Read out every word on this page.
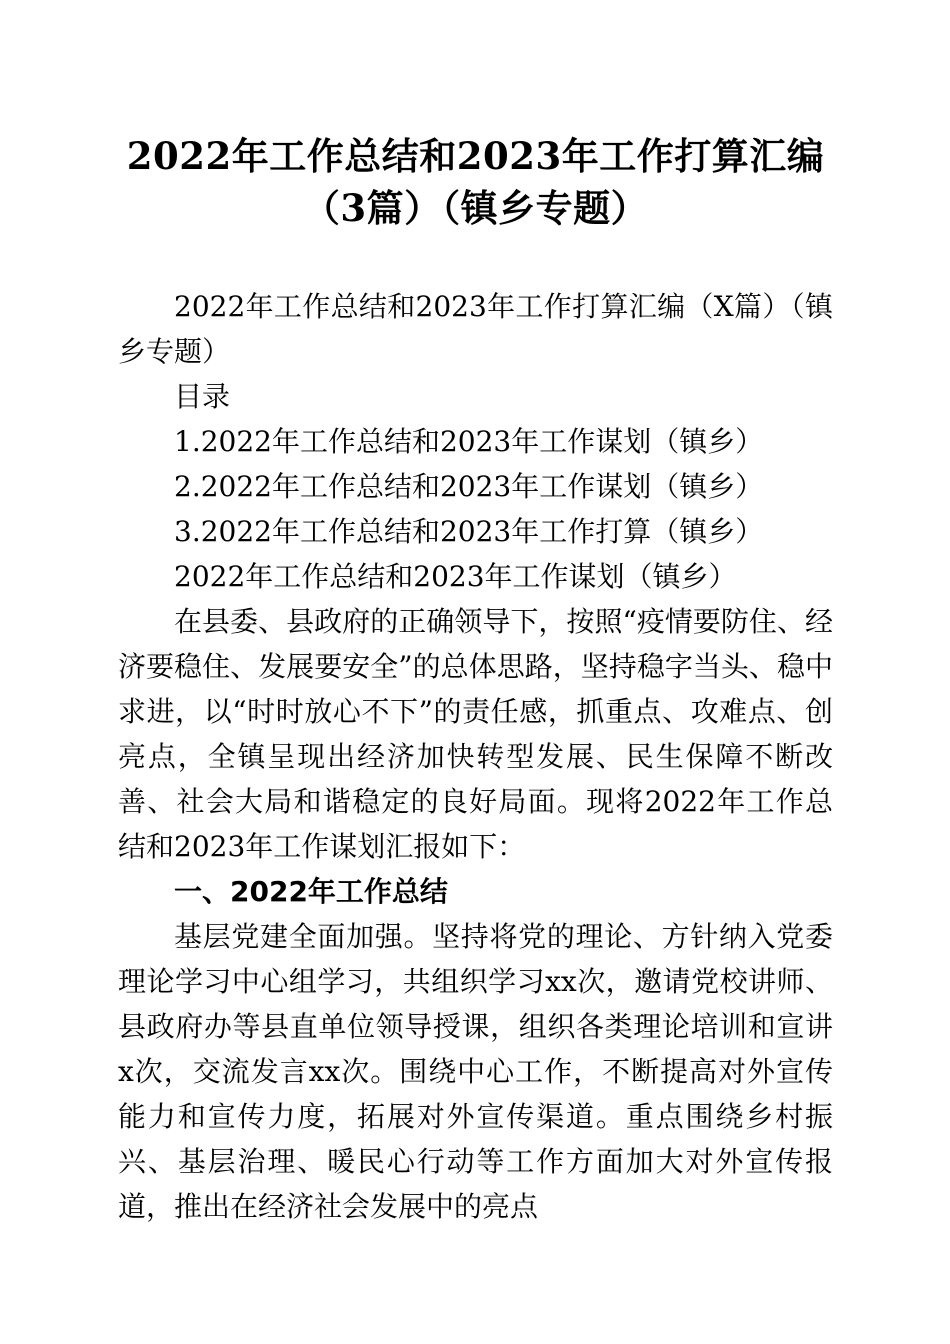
2022年工作总结和2023年工作打算汇编（3篇）（镇乡专题）

2022年工作总结和2023年工作打算汇编（X篇）（镇乡专题）

目录

1.2022年工作总结和2023年工作谋划（镇乡）

2.2022年工作总结和2023年工作谋划（镇乡）

3.2022年工作总结和2023年工作打算（镇乡）

2022年工作总结和2023年工作谋划（镇乡）

在县委、县政府的正确领导下，按照“疫情要防住、经济要稳住、发展要安全”的总体思路，坚持稳字当头、稳中求进，以“时时放心不下”的责任感，抓重点、攻难点、创亮点，全镇呈现出经济加快转型发展、民生保障不断改善、社会大局和谐稳定的良好局面。现将2022年工作总结和2023年工作谋划汇报如下：

一、2022年工作总结

基层党建全面加强。坚持将党的理论、方针纳入党委理论学习中心组学习，共组织学习xx次，邀请党校讲师、县政府办等县直单位领导授课，组织各类理论培训和宣讲x次，交流发言xx次。围绕中心工作，不断提高对外宣传能力和宣传力度，拓展对外宣传渠道。重点围绕乡村振兴、基层治理、暖民心行动等工作方面加大对外宣传报道，推出在经济社会发展中的亮点
